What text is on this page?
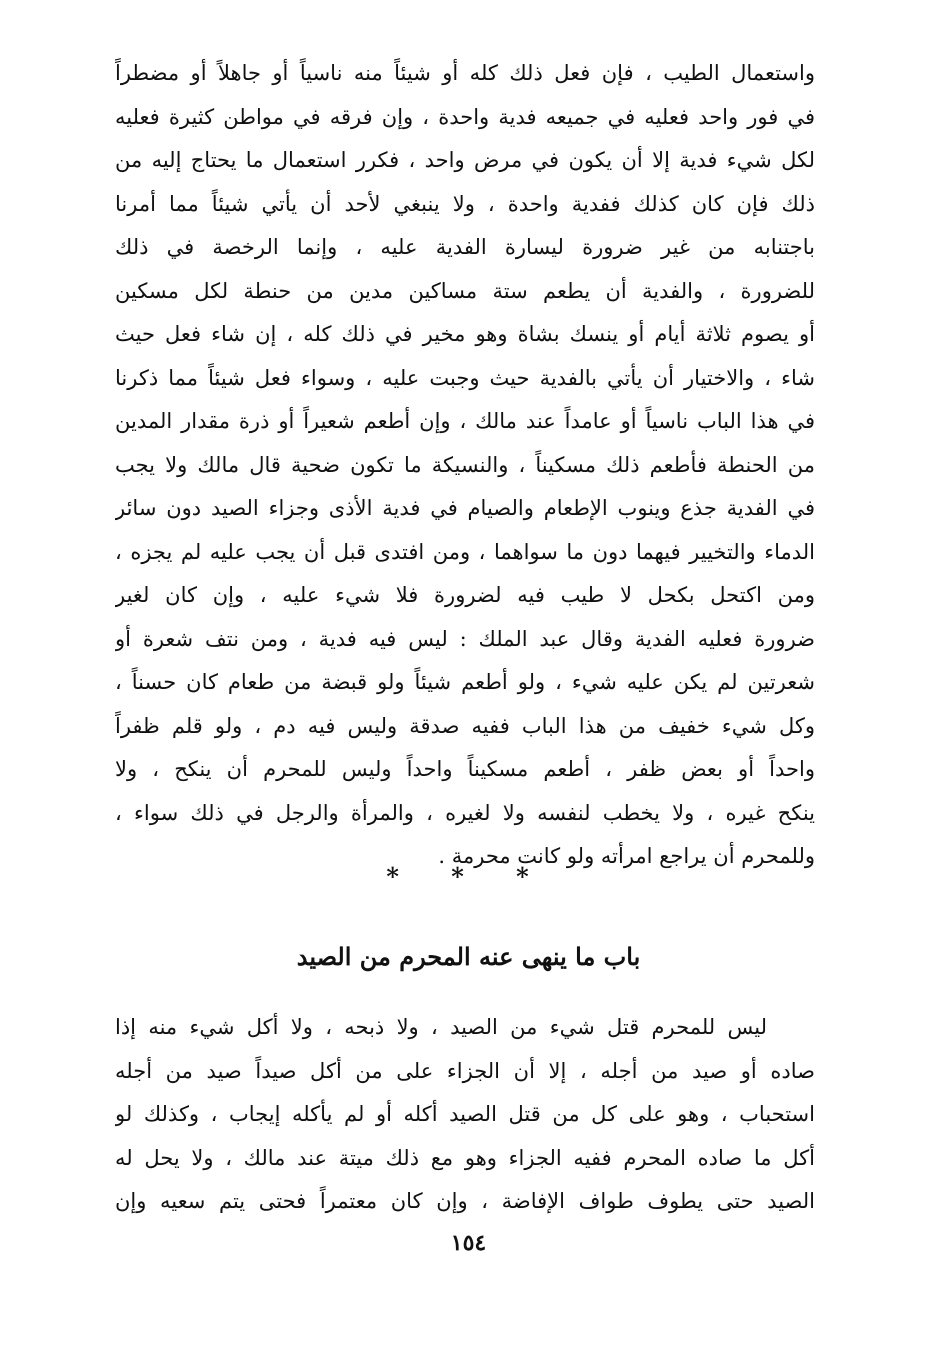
واستعمال الطيب ، فإن فعل ذلك كله أو شيئاً منه ناسياً أو جاهلاً أو مضطراً
في فور واحد فعليه في جميعه فدية واحدة ، وإن فرقه في مواطن كثيرة فعليه
لكل شيء فدية إلا أن يكون في مرض واحد ، فكرر استعمال ما يحتاج إليه من
ذلك فإن كان كذلك ففدية واحدة ، ولا ينبغي لأحد أن يأتي شيئاً مما أمرنا
باجتنابه من غير ضرورة ليسارة الفدية عليه ، وإنما الرخصة في ذلك
للضرورة ، والفدية أن يطعم ستة مساكين مدين من حنطة لكل مسكين
أو يصوم ثلاثة أيام أو ينسك بشاة وهو مخير في ذلك كله ، إن شاء فعل حيث
شاء ، والاختيار أن يأتي بالفدية حيث وجبت عليه ، وسواء فعل شيئاً مما ذكرنا
في هذا الباب ناسياً أو عامداً عند مالك ، وإن أطعم شعيراً أو ذرة مقدار المدين
من الحنطة فأطعم ذلك مسكيناً ، والنسيكة ما تكون ضحية قال مالك ولا يجب
في الفدية جذع وينوب الإطعام والصيام في فدية الأذى وجزاء الصيد دون سائر
الدماء والتخيير فيهما دون ما سواهما ، ومن افتدى قبل أن يجب عليه لم يجزه ،
ومن اكتحل بكحل لا طيب فيه لضرورة فلا شيء عليه ، وإن كان لغير
ضرورة فعليه الفدية وقال عبد الملك : ليس فيه فدية ، ومن نتف شعرة أو
شعرتين لم يكن عليه شيء ، ولو أطعم شيئاً ولو قبضة من طعام كان حسناً ،
وكل شيء خفيف من هذا الباب ففيه صدقة وليس فيه دم ، ولو قلم ظفراً
واحداً أو بعض ظفر ، أطعم مسكيناً واحداً وليس للمحرم أن ينكح ، ولا
ينكح غيره ، ولا يخطب لنفسه ولا لغيره ، والمرأة والرجل في ذلك سواء ،
وللمحرم أن يراجع امرأته ولو كانت محرمة .
* * *
باب ما ينهى عنه المحرم من الصيد
ليس للمحرم قتل شيء من الصيد ، ولا ذبحه ، ولا أكل شيء منه إذا
صاده أو صيد من أجله ، إلا أن الجزاء على من أكل صيداً صيد من أجله
استحباب ، وهو على كل من قتل الصيد أكله أو لم يأكله إيجاب ، وكذلك لو
أكل ما صاده المحرم ففيه الجزاء وهو مع ذلك ميتة عند مالك ، ولا يحل له
الصيد حتى يطوف طواف الإفاضة ، وإن كان معتمراً فحتى يتم سعيه وإن
١٥٤
